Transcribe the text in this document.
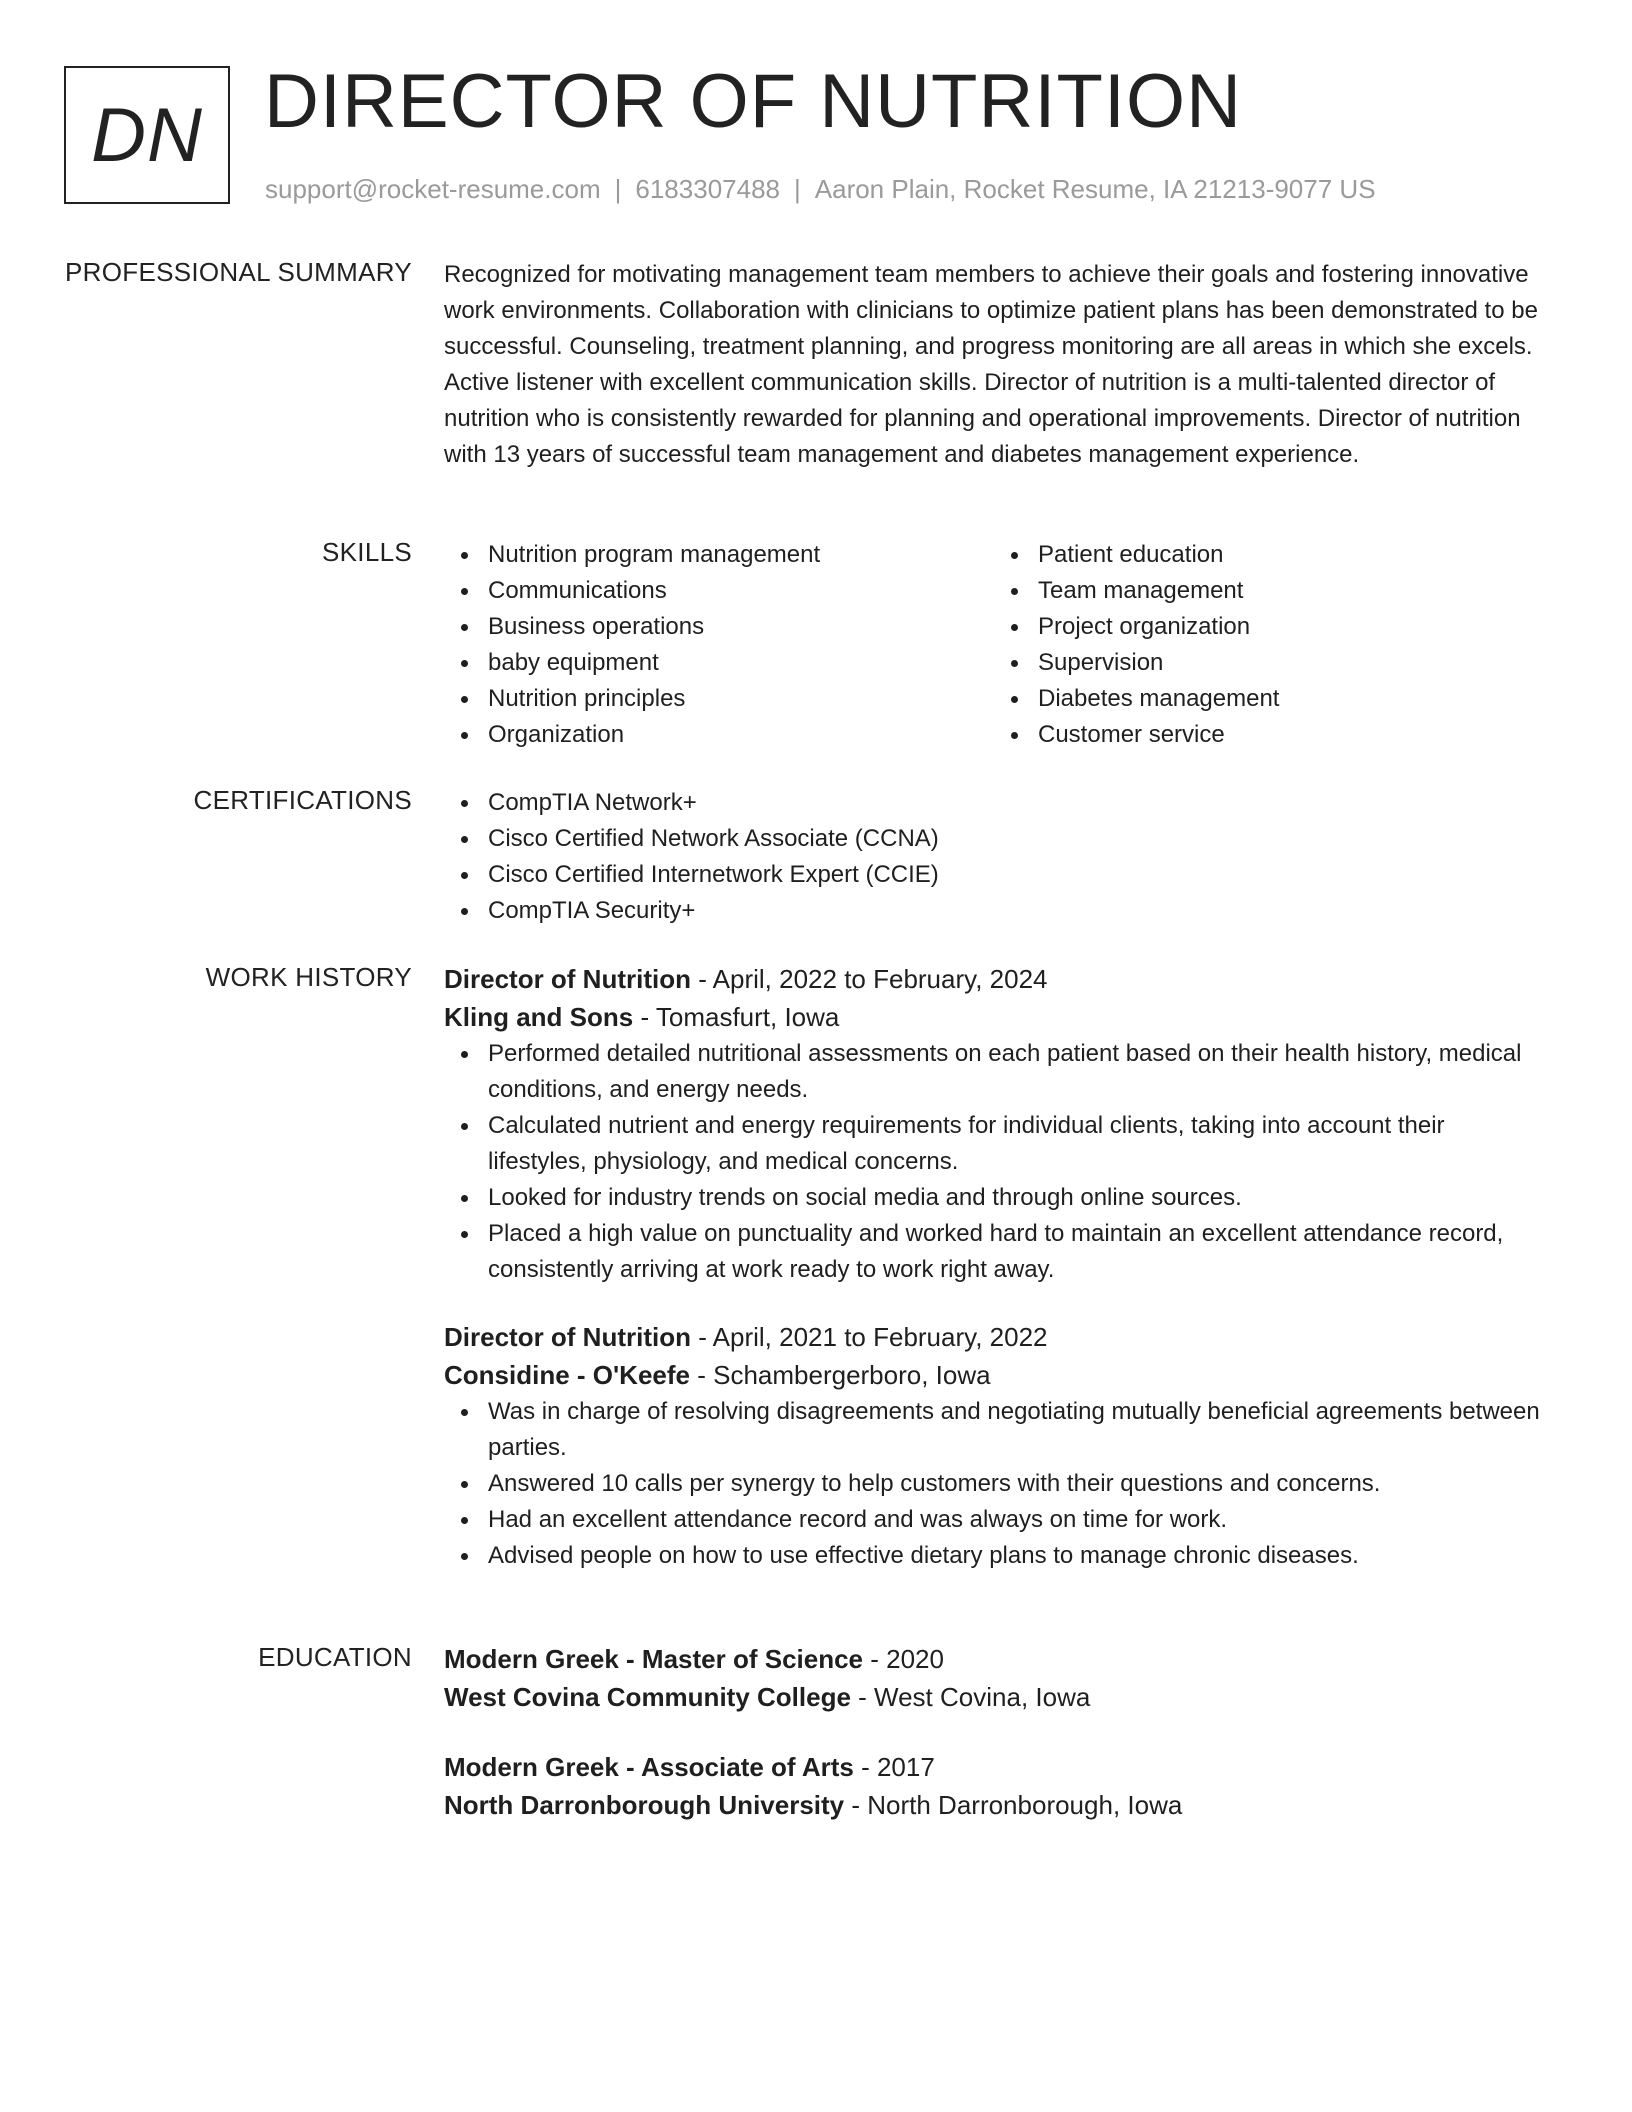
DN DIRECTOR OF NUTRITION
support@rocket-resume.com | 6183307488 | Aaron Plain, Rocket Resume, IA 21213-9077 US
PROFESSIONAL SUMMARY Recognized for motivating management team members to achieve their goals and fostering innovative work environments. Collaboration with clinicians to optimize patient plans has been demonstrated to be successful. Counseling, treatment planning, and progress monitoring are all areas in which she excels. Active listener with excellent communication skills. Director of nutrition is a multi-talented director of nutrition who is consistently rewarded for planning and operational improvements. Director of nutrition with 13 years of successful team management and diabetes management experience.
SKILLS	Nutrition program management
Communications
Business operations
baby equipment
Nutrition principles
Organization
Patient education
Team management
Project organization
Supervision
Diabetes management
Customer service
CERTIFICATIONS	CompTIA Network+
Cisco Certified Network Associate (CCNA)
Cisco Certified Internetwork Expert (CCIE)
CompTIA Security+
WORK HISTORY Director of Nutrition - April, 2022 to February, 2024
Kling and Sons - Tomasfurt, Iowa
Performed detailed nutritional assessments on each patient based on their health history, medical conditions, and energy needs.
Calculated nutrient and energy requirements for individual clients, taking into account their lifestyles, physiology, and medical concerns.
Looked for industry trends on social media and through online sources.
Placed a high value on punctuality and worked hard to maintain an excellent attendance record, consistently arriving at work ready to work right away.
Director of Nutrition - April, 2021 to February, 2022
Considine - O'Keefe - Schambergerboro, Iowa
Was in charge of resolving disagreements and negotiating mutually beneficial agreements between parties.
Answered 10 calls per synergy to help customers with their questions and concerns.
Had an excellent attendance record and was always on time for work.
Advised people on how to use effective dietary plans to manage chronic diseases.
EDUCATION Modern Greek - Master of Science - 2020
West Covina Community College - West Covina, Iowa
Modern Greek - Associate of Arts - 2017
North Darronborough University - North Darronborough, Iowa
